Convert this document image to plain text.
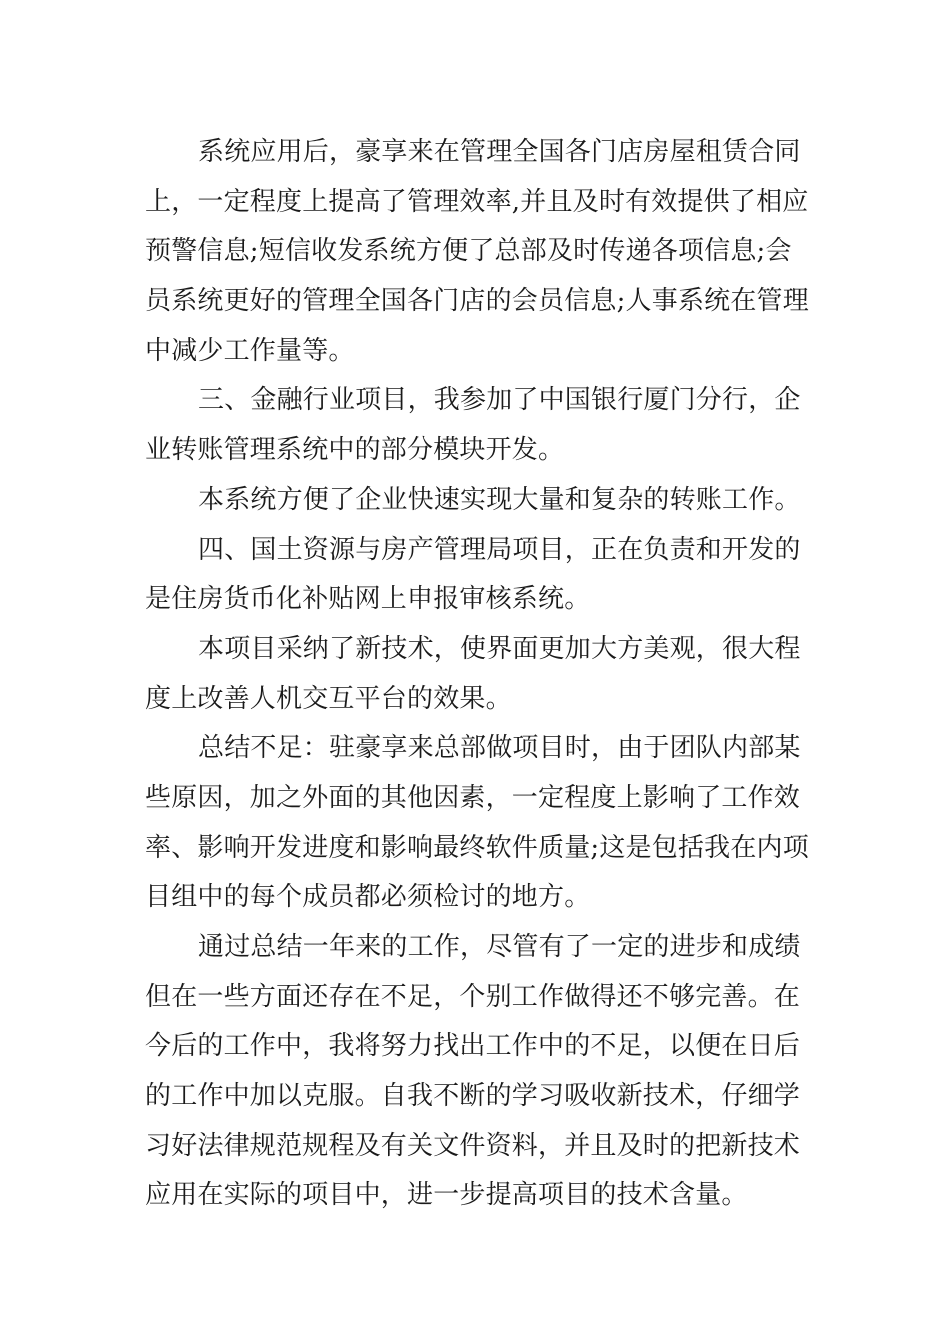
系统应用后，豪享来在管理全国各门店房屋租赁合同
上，一定程度上提高了管理效率,并且及时有效提供了相应
预警信息;短信收发系统方便了总部及时传递各项信息;会
员系统更好的管理全国各门店的会员信息;人事系统在管理
中减少工作量等。
三、金融行业项目，我参加了中国银行厦门分行，企
业转账管理系统中的部分模块开发。
本系统方便了企业快速实现大量和复杂的转账工作。
四、国土资源与房产管理局项目，正在负责和开发的
是住房货币化补贴网上申报审核系统。
本项目采纳了新技术，使界面更加大方美观，很大程
度上改善人机交互平台的效果。
总结不足：驻豪享来总部做项目时，由于团队内部某
些原因，加之外面的其他因素，一定程度上影响了工作效
率、影响开发进度和影响最终软件质量;这是包括我在内项
目组中的每个成员都必须检讨的地方。
通过总结一年来的工作，尽管有了一定的进步和成绩
但在一些方面还存在不足，个别工作做得还不够完善。在
今后的工作中，我将努力找出工作中的不足，以便在日后
的工作中加以克服。自我不断的学习吸收新技术，仔细学
习好法律规范规程及有关文件资料，并且及时的把新技术
应用在实际的项目中，进一步提高项目的技术含量。
